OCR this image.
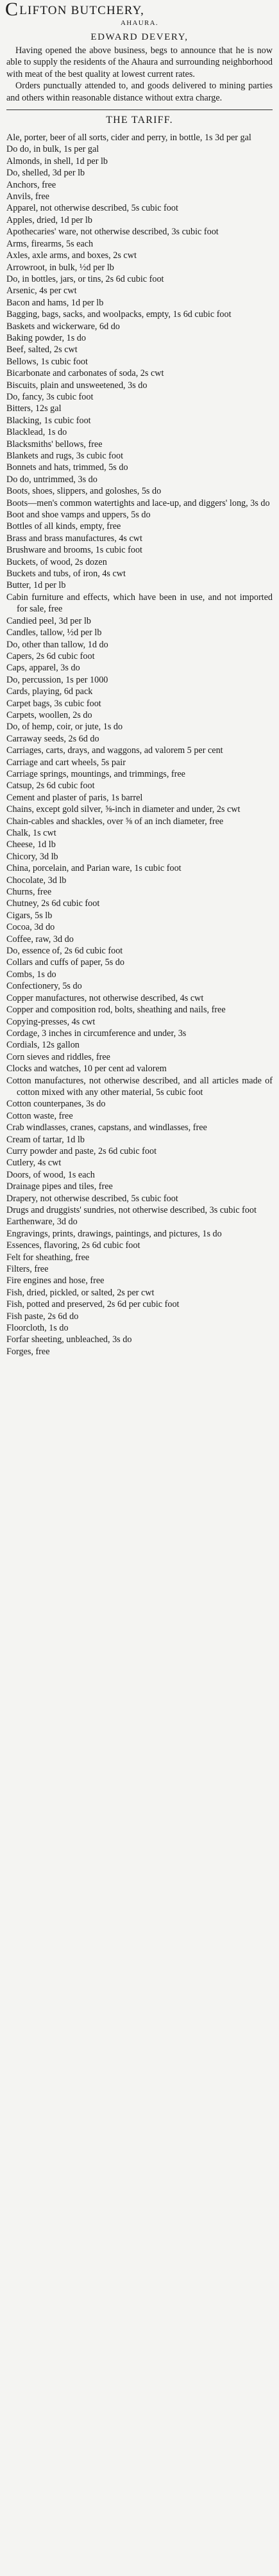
CLIFTON BUTCHERY,
AHAURA.
EDWARD DEVERY,

Having opened the above business, begs to announce that he is now able to supply the residents of the Ahaura and surrounding neighborhood with meat of the best quality at lowest current rates.

Orders punctually attended to, and goods delivered to mining parties and others within reasonable distance without extra charge.

THE TARIFF.

Ale, porter, beer of all sorts, cider and perry, in bottle, 1s 3d per gal

Do do, in bulk, 1s per gal

Almonds, in shell, 1d per lb

Do, shelled, 3d per lb

Anchors, free

Anvils, free

Apparel, not otherwise described, 5s cubic foot

Apples, dried, 1d per lb

Apothecaries' ware, not otherwise described, 3s cubic foot

Arms, firearms, 5s each

Axles, axle arms, and boxes, 2s cwt

Arrowroot, in bulk, ½d per lb

Do, in bottles, jars, or tins, 2s 6d cubic foot

Arsenic, 4s per cwt

Bacon and hams, 1d per lb

Bagging, bags, sacks, and woolpacks, empty, 1s 6d cubic foot

Baskets and wickerware, 6d do

Baking powder, 1s do

Beef, salted, 2s cwt

Bellows, 1s cubic foot

Bicarbonate and carbonates of soda, 2s cwt

Biscuits, plain and unsweetened, 3s do

Do, fancy, 3s cubic foot

Bitters, 12s gal

Blacking, 1s cubic foot

Blacklead, 1s do

Blacksmiths' bellows, free

Blankets and rugs, 3s cubic foot

Bonnets and hats, trimmed, 5s do

Do do, untrimmed, 3s do

Boots, shoes, slippers, and goloshes, 5s do

Boots—men's common watertights and lace-up, and diggers' long, 3s do

Boot and shoe vamps and uppers, 5s do

Bottles of all kinds, empty, free

Brass and brass manufactures, 4s cwt

Brushware and brooms, 1s cubic foot

Buckets, of wood, 2s dozen

Buckets and tubs, of iron, 4s cwt

Butter, 1d per lb

Cabin furniture and effects, which have been in use, and not imported for sale, free

Candied peel, 3d per lb

Candles, tallow, ½d per lb

Do, other than tallow, 1d do

Capers, 2s 6d cubic foot

Caps, apparel, 3s do

Do, percussion, 1s per 1000

Cards, playing, 6d pack

Carpet bags, 3s cubic foot

Carpets, woollen, 2s do

Do, of hemp, coir, or jute, 1s do

Carraway seeds, 2s 6d do

Carriages, carts, drays, and waggons, ad valorem 5 per cent

Carriage and cart wheels, 5s pair

Carriage springs, mountings, and trimmings, free

Catsup, 2s 6d cubic foot

Cement and plaster of paris, 1s barrel

Chains, except gold silver, ⅝-inch in diameter and under, 2s cwt

Chain-cables and shackles, over ⅝ of an inch diameter, free

Chalk, 1s cwt

Cheese, 1d lb

Chicory, 3d lb

China, porcelain, and Parian ware, 1s cubic foot

Chocolate, 3d lb

Churns, free

Chutney, 2s 6d cubic foot

Cigars, 5s lb

Cocoa, 3d do

Coffee, raw, 3d do

Do, essence of, 2s 6d cubic foot

Collars and cuffs of paper, 5s do

Combs, 1s do

Confectionery, 5s do

Copper manufactures, not otherwise described, 4s cwt

Copper and composition rod, bolts, sheathing and nails, free

Copying-presses, 4s cwt

Cordage, 3 inches in circumference and under, 3s

Cordials, 12s gallon

Corn sieves and riddles, free

Clocks and watches, 10 per cent ad valorem

Cotton manufactures, not otherwise described, and all articles made of cotton mixed with any other material, 5s cubic foot

Cotton counterpanes, 3s do

Cotton waste, free

Crab windlasses, cranes, capstans, and windlasses, free

Cream of tartar, 1d lb

Curry powder and paste, 2s 6d cubic foot

Cutlery, 4s cwt

Doors, of wood, 1s each

Drainage pipes and tiles, free

Drapery, not otherwise described, 5s cubic foot

Drugs and druggists' sundries, not otherwise described, 3s cubic foot

Earthenware, 3d do

Engravings, prints, drawings, paintings, and pictures, 1s do

Essences, flavoring, 2s 6d cubic foot

Felt for sheathing, free

Filters, free

Fire engines and hose, free

Fish, dried, pickled, or salted, 2s per cwt

Fish, potted and preserved, 2s 6d per cubic foot

Fish paste, 2s 6d do

Floorcloth, 1s do

Forfar sheeting, unbleached, 3s do

Forges, free
